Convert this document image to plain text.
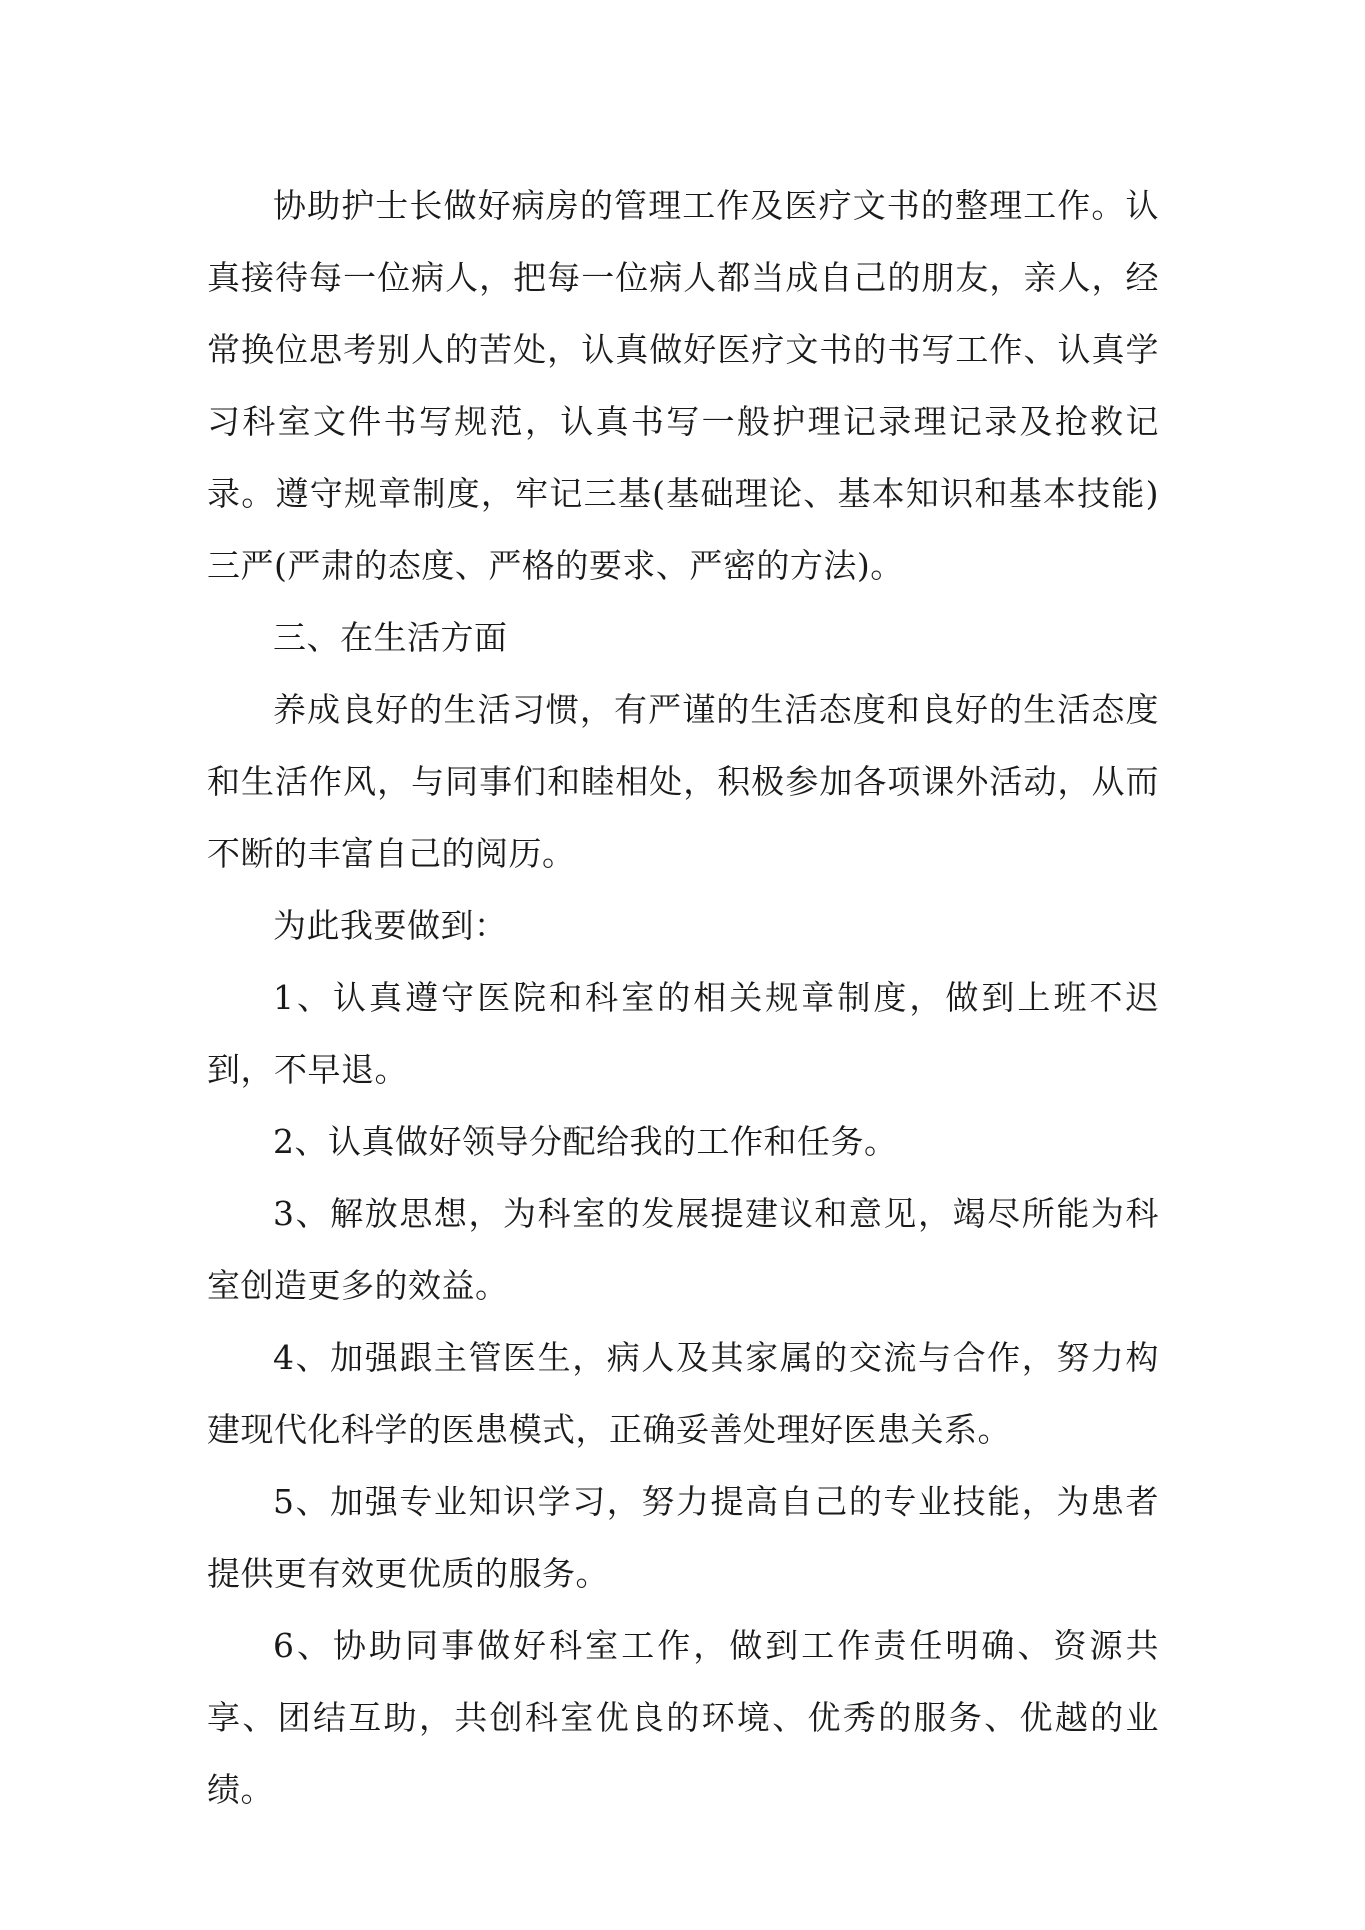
协助护士长做好病房的管理工作及医疗文书的整理工作。认真接待每一位病人，把每一位病人都当成自己的朋友，亲人，经常换位思考别人的苦处，认真做好医疗文书的书写工作、认真学习科室文件书写规范，认真书写一般护理记录理记录及抢救记录。遵守规章制度，牢记三基(基础理论、基本知识和基本技能)三严(严肃的态度、严格的要求、严密的方法)。

三、在生活方面

养成良好的生活习惯，有严谨的生活态度和良好的生活态度和生活作风，与同事们和睦相处，积极参加各项课外活动，从而不断的丰富自己的阅历。

为此我要做到：

1、认真遵守医院和科室的相关规章制度，做到上班不迟到，不早退。

2、认真做好领导分配给我的工作和任务。

3、解放思想，为科室的发展提建议和意见，竭尽所能为科室创造更多的效益。

4、加强跟主管医生，病人及其家属的交流与合作，努力构建现代化科学的医患模式，正确妥善处理好医患关系。

5、加强专业知识学习，努力提高自己的专业技能，为患者提供更有效更优质的服务。

6、协助同事做好科室工作，做到工作责任明确、资源共享、团结互助，共创科室优良的环境、优秀的服务、优越的业绩。
